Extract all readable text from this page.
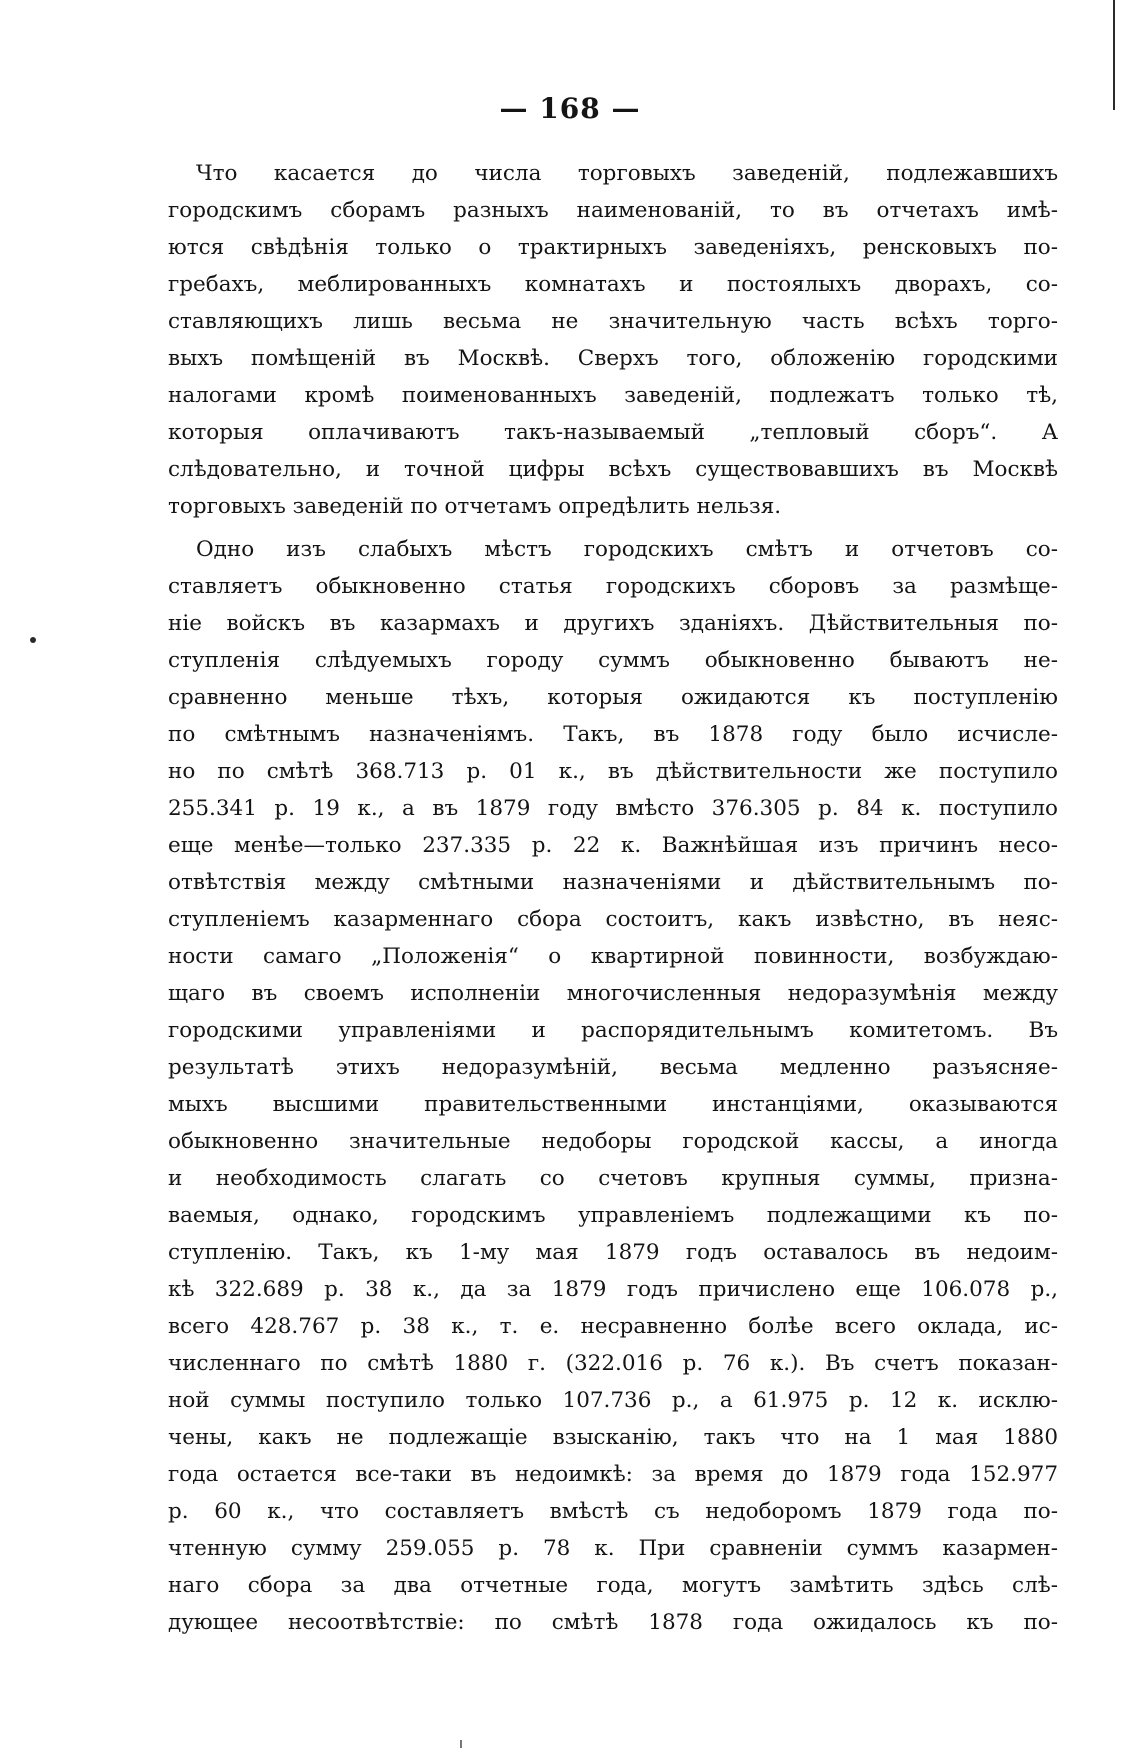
— 168 —
Что касается до числа торговыхъ заведеній, подлежавшихъ
городскимъ сборамъ разныхъ наименованій, то въ отчетахъ имѣ-
ются свѣдѣнія только о трактирныхъ заведеніяхъ, ренсковыхъ по-
гребахъ, меблированныхъ комнатахъ и постоялыхъ дворахъ, со-
ставляющихъ лишь весьма не значительную часть всѣхъ торго-
выхъ помѣщеній въ Москвѣ. Сверхъ того, обложенію городскими
налогами кромѣ поименованныхъ заведеній, подлежатъ только тѣ,
которыя оплачиваютъ такъ-называемый „тепловый сборъ“. А
слѣдовательно, и точной цифры всѣхъ существовавшихъ въ Москвѣ
торговыхъ заведеній по отчетамъ опредѣлить нельзя.
Одно изъ слабыхъ мѣстъ городскихъ смѣтъ и отчетовъ со-
ставляетъ обыкновенно статья городскихъ сборовъ за размѣще-
ніе войскъ въ казармахъ и другихъ зданіяхъ. Дѣйствительныя по-
ступленія слѣдуемыхъ городу суммъ обыкновенно бываютъ не-
сравненно меньше тѣхъ, которыя ожидаются къ поступленію
по смѣтнымъ назначеніямъ. Такъ, въ 1878 году было исчисле-
но по смѣтѣ 368.713 р. 01 к., въ дѣйствительности же поступило
255.341 р. 19 к., а въ 1879 году вмѣсто 376.305 р. 84 к. поступило
еще менѣе—только 237.335 р. 22 к. Важнѣйшая изъ причинъ несо-
отвѣтствія между смѣтными назначеніями и дѣйствительнымъ по-
ступленіемъ казарменнаго сбора состоитъ, какъ извѣстно, въ неяс-
ности самаго „Положенія“ о квартирной повинности, возбуждаю-
щаго въ своемъ исполненіи многочисленныя недоразумѣнія между
городскими управленіями и распорядительнымъ комитетомъ. Въ
результатѣ этихъ недоразумѣній, весьма медленно разъясняе-
мыхъ высшими правительственными инстанціями, оказываются
обыкновенно значительные недоборы городской кассы, а иногда
и необходимость слагать со счетовъ крупныя суммы, призна-
ваемыя, однако, городскимъ управленіемъ подлежащими къ по-
ступленію. Такъ, къ 1-му мая 1879 годъ оставалось въ недоим-
кѣ 322.689 р. 38 к., да за 1879 годъ причислено еще 106.078 р.,
всего 428.767 р. 38 к., т. е. несравненно болѣе всего оклада, ис-
численнаго по смѣтѣ 1880 г. (322.016 р. 76 к.). Въ счетъ показан-
ной суммы поступило только 107.736 р., а 61.975 р. 12 к. исклю-
чены, какъ не подлежащіе взысканію, такъ что на 1 мая 1880
года остается все-таки въ недоимкѣ: за время до 1879 года 152.977
р. 60 к., что составляетъ вмѣстѣ съ недоборомъ 1879 года по-
чтенную сумму 259.055 р. 78 к. При сравненіи суммъ казармен-
наго сбора за два отчетные года, могутъ замѣтить здѣсь слѣ-
дующее несоотвѣтствіе: по смѣтѣ 1878 года ожидалось къ по-
